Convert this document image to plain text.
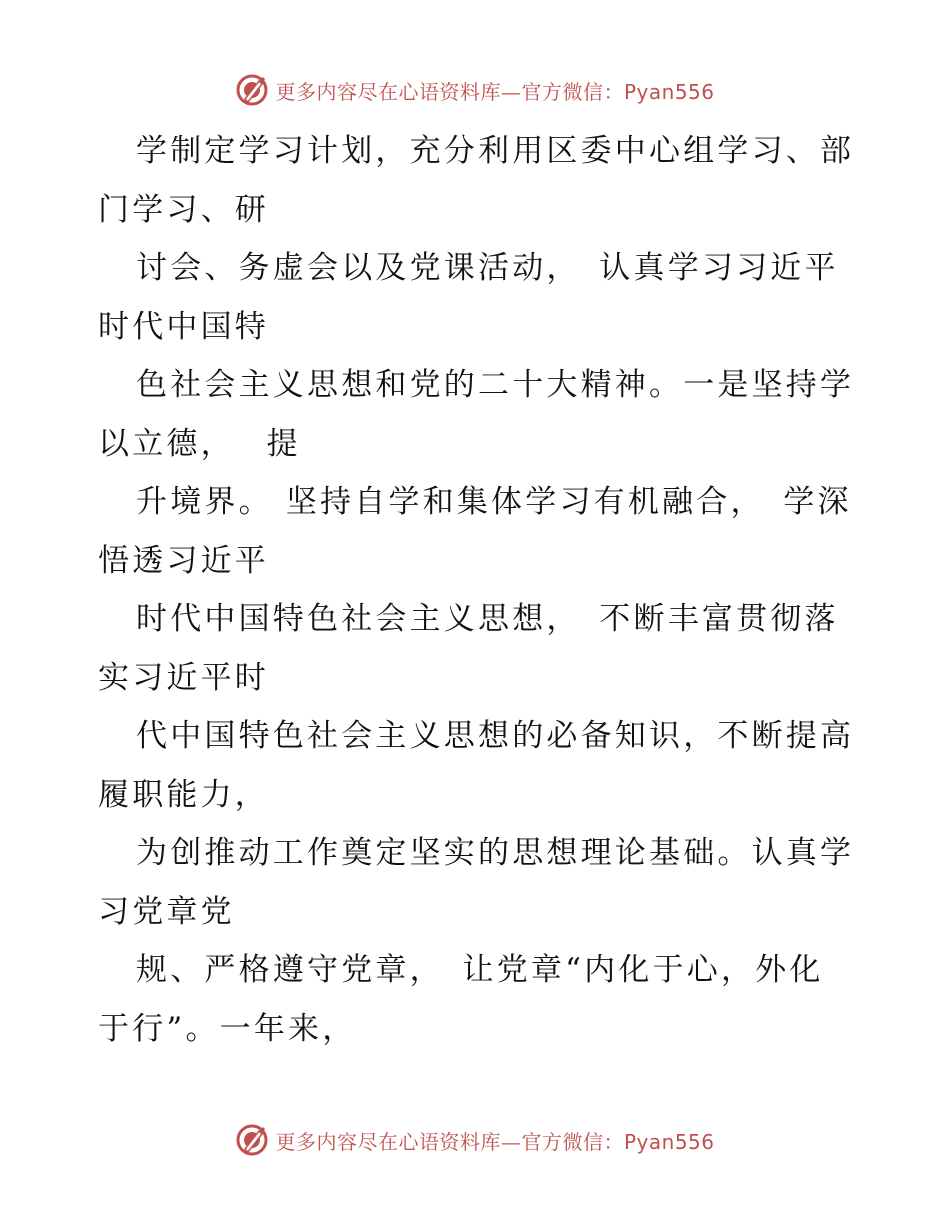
更多内容尽在心语资料库—官方微信：Pyan556
学制定学习计划，充分利用区委中心组学习、部
门学习、研
讨会、务虚会以及党课活动，　认真学习习近平
时代中国特
色社会主义思想和党的二十大精神。一是坚持学
以立德，　 提
升境界。 坚持自学和集体学习有机融合，　学深
悟透习近平
时代中国特色社会主义思想，　不断丰富贯彻落
实习近平时
代中国特色社会主义思想的必备知识，不断提高
履职能力，
为创推动工作奠定坚实的思想理论基础。认真学
习党章党
规、严格遵守党章，　让党章“内化于心，外化
于行”。一年来，
更多内容尽在心语资料库—官方微信：Pyan556
